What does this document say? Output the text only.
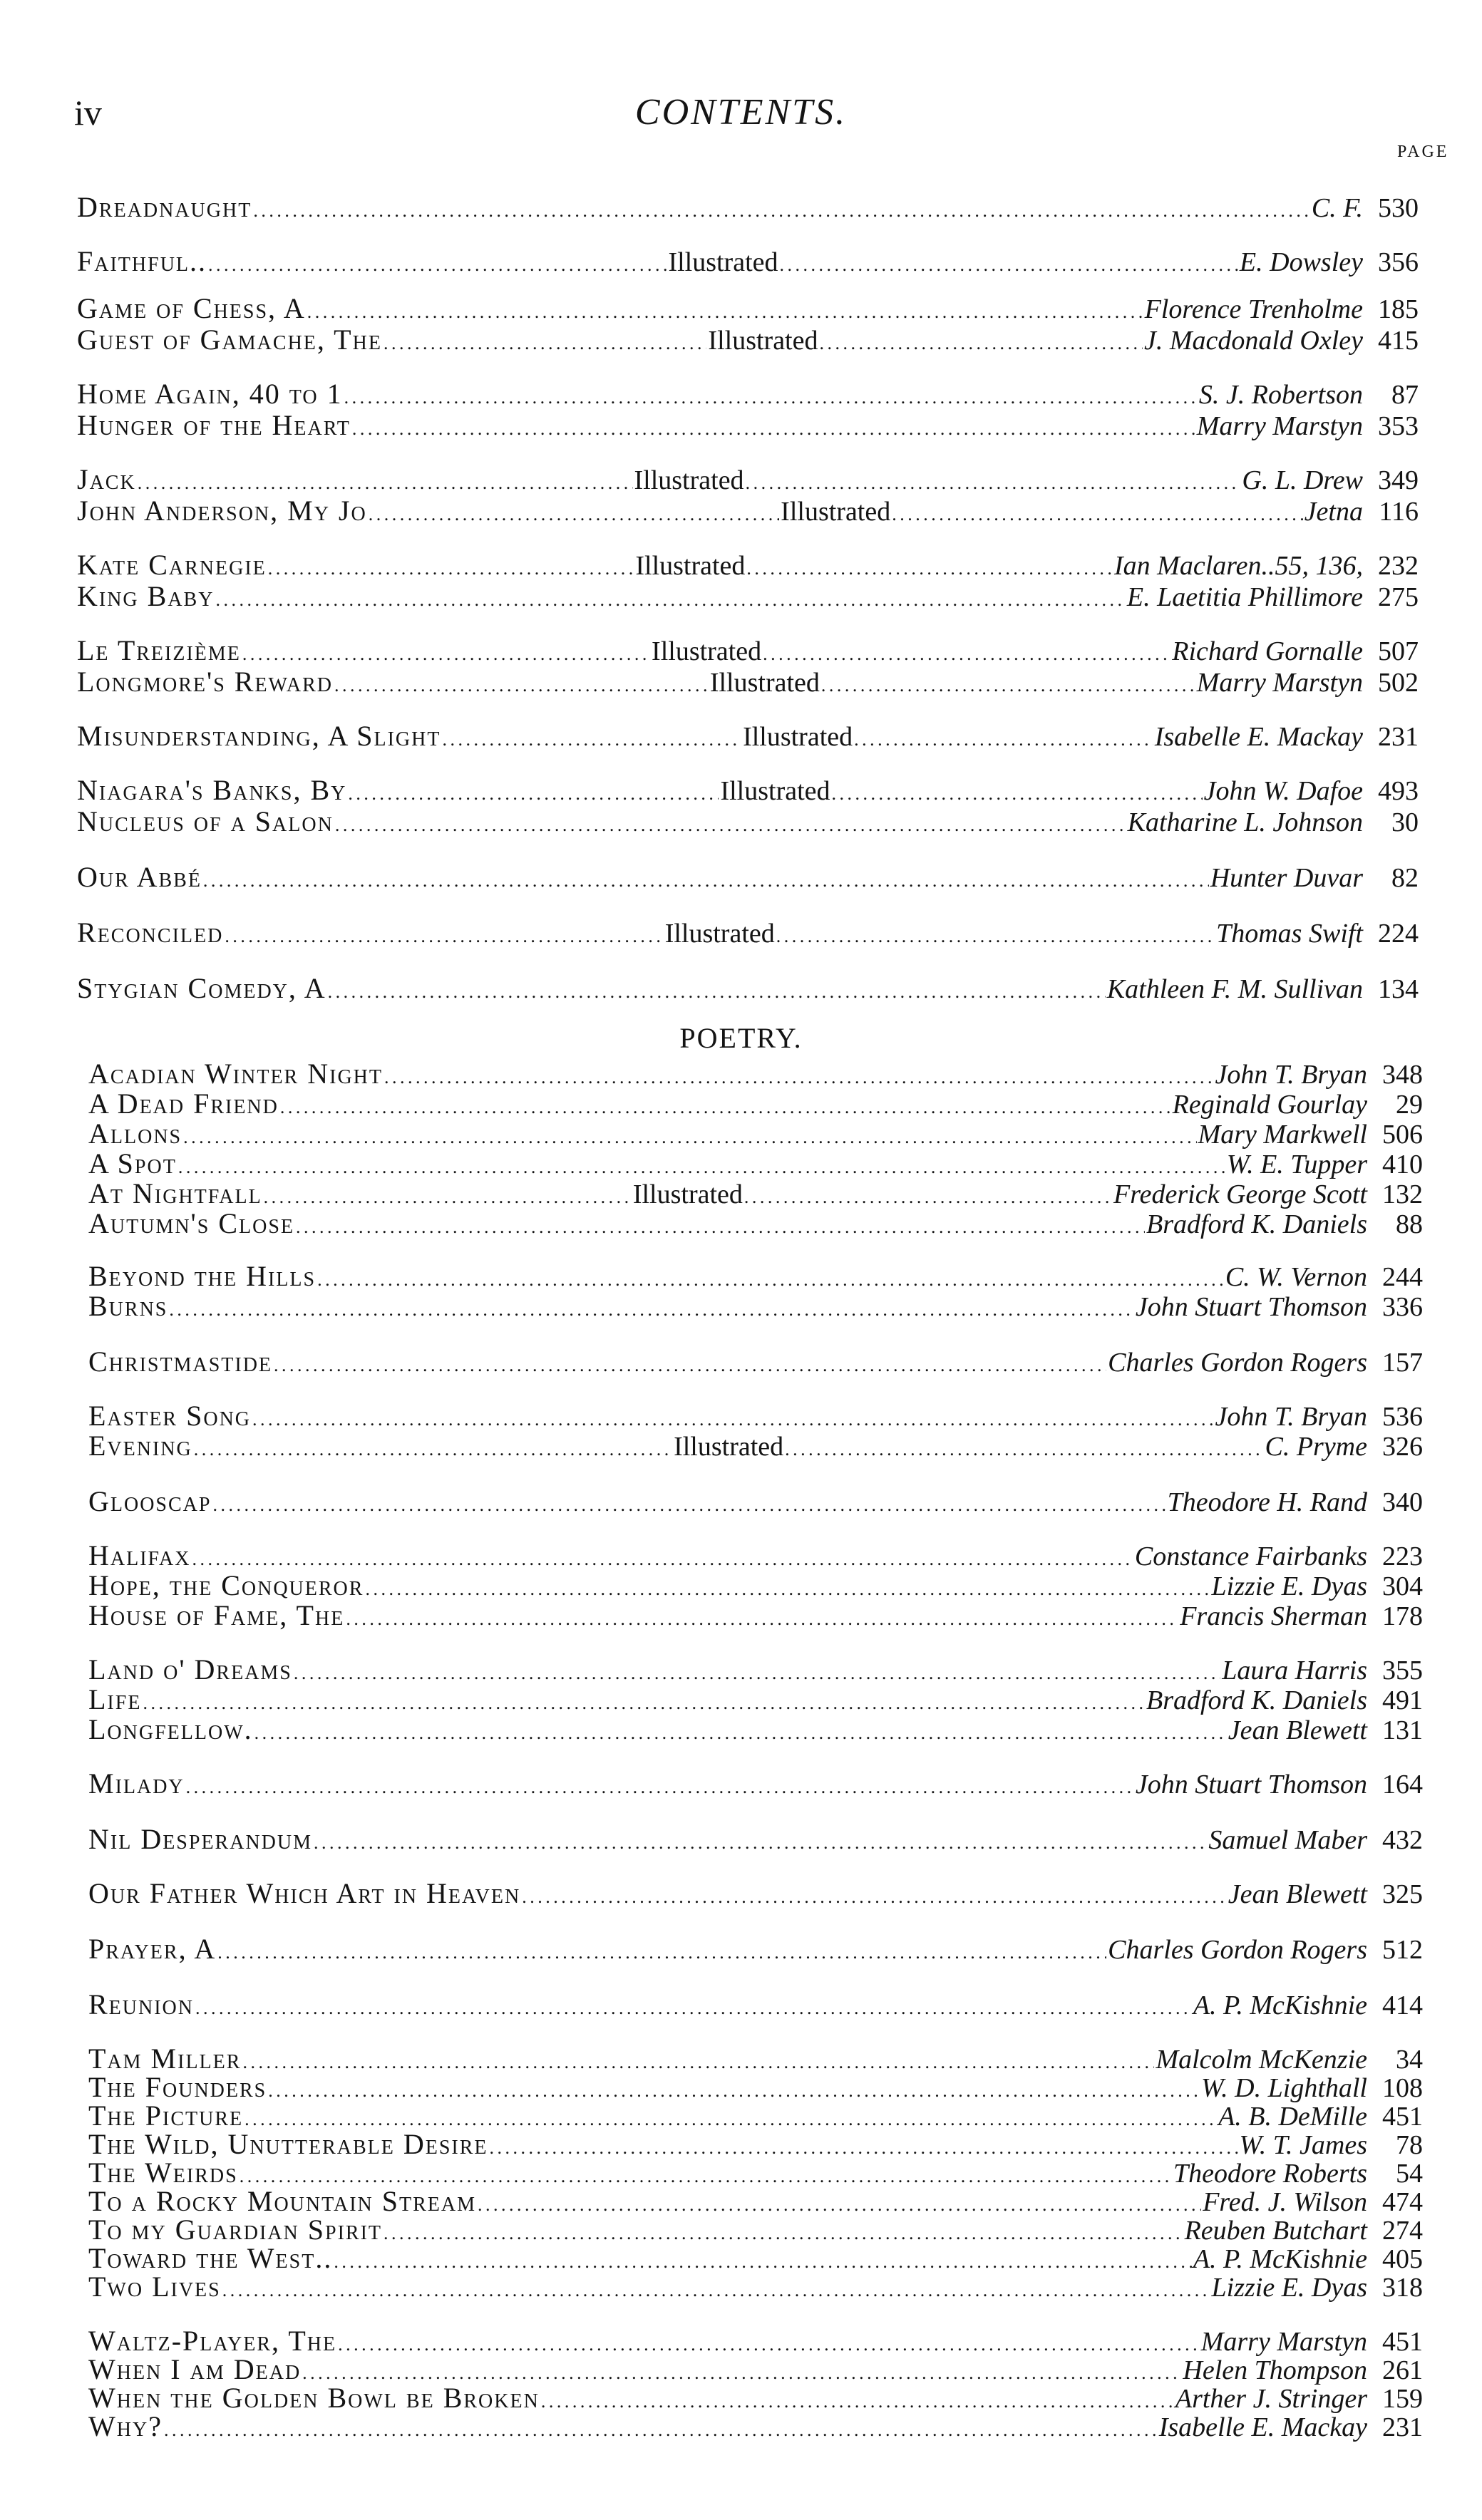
iv	CONTENTS.
PAGE
Dreadnaught . . .	C. F. 530
Faithful.. . . .	Illustrated . . .	E. Dowsley 356
Game of Chess, A . . .	Florence Trenholme 185
Guest of Gamache, The . . .	Illustrated . . .	J. Macdonald Oxley 415
Home Again, 40 to 1 . . .	S. J. Robertson	87
Hunger of the Heart . . .	Marry Marstyn 353
Jack . . .	Illustrated . . .	G. L. Drew 349
John Anderson, My Jo . . .	Illustrated . . .	Jetna 116
Kate Carnegie . . .	Illustrated . . .	Ian Maclaren..55, 136, 232
King Baby . . .	E. Laetitia Phillimore 275
Le Treizième . . .	Illustrated . . .	Richard Gornalle 507
Longmore's Reward . . .	Illustrated . . .	Marry Marstyn 502
Misunderstanding, A Slight . . .	Illustrated . . .	Isabelle E. Mackay 231
Niagara's Banks, By . . .	Illustrated . . .	John W. Dafoe 493
Nucleus of a Salon . . .	Katharine L. Johnson	30
Our Abbé . . .	Hunter Duvar	82
Reconciled . . .	Illustrated . . .	Thomas Swift 224
Stygian Comedy, A . . .	Kathleen F. M. Sullivan 134
Acadian Winter Night . . .	John T. Bryan 348
A Dead Friend . . .	Reginald Gourlay	29
Allons . . .	Mary Markwell 506
A Spot . . .	W. E. Tupper 410
At Nightfall . . .	Illustrated . . .	Frederick George Scott 132
Autumn's Close . . .	Bradford K. Daniels	88
Beyond the Hills . . .	C. W. Vernon 244
Burns . . .	John Stuart Thomson 336
Christmastide . . .	Charles Gordon Rogers 157
Easter Song . . .	John T. Bryan 536
Evening . . .	Illustrated . . .	C. Pryme 326
Glooscap . . .	Theodore H. Rand 340
Halifax . . .	Constance Fairbanks 223
Hope, the Conqueror . . .	Lizzie E. Dyas 304
House of Fame, The . . .	Francis Sherman 178
Land o' Dreams . . .	Laura Harris 355
Life . . .	Bradford K. Daniels 491
Longfellow. . . .	Jean Blewett 131
Milady . . .	John Stuart Thomson 164
Nil Desperandum . . .	Samuel Maber 432
Our Father Which Art in Heaven . . .	Jean Blewett 325
Prayer, A . . .	Charles Gordon Rogers 512
Reunion . . .	A. P. McKishnie 414
Tam Miller . . .	Malcolm McKenzie	34
The Founders . . .	W. D. Lighthall 108
The Picture . . .	A. B. DeMille 451
The Wild, Unutterable Desire . . .	W. T. James	78
The Weirds . . .	Theodore Roberts	54
To a Rocky Mountain Stream . . .	Fred. J. Wilson 474
To my Guardian Spirit . . .	Reuben Butchart 274
Toward the West.. . . .	A. P. McKishnie 405
Two Lives . . .	Lizzie E. Dyas 318
Waltz-Player, The . . .	Marry Marstyn 451
When I am Dead . . .	Helen Thompson 261
When the Golden Bowl be Broken . . .	Arther J. Stringer 159
Why? . . .	Isabelle E. Mackay 231
POETRY.
